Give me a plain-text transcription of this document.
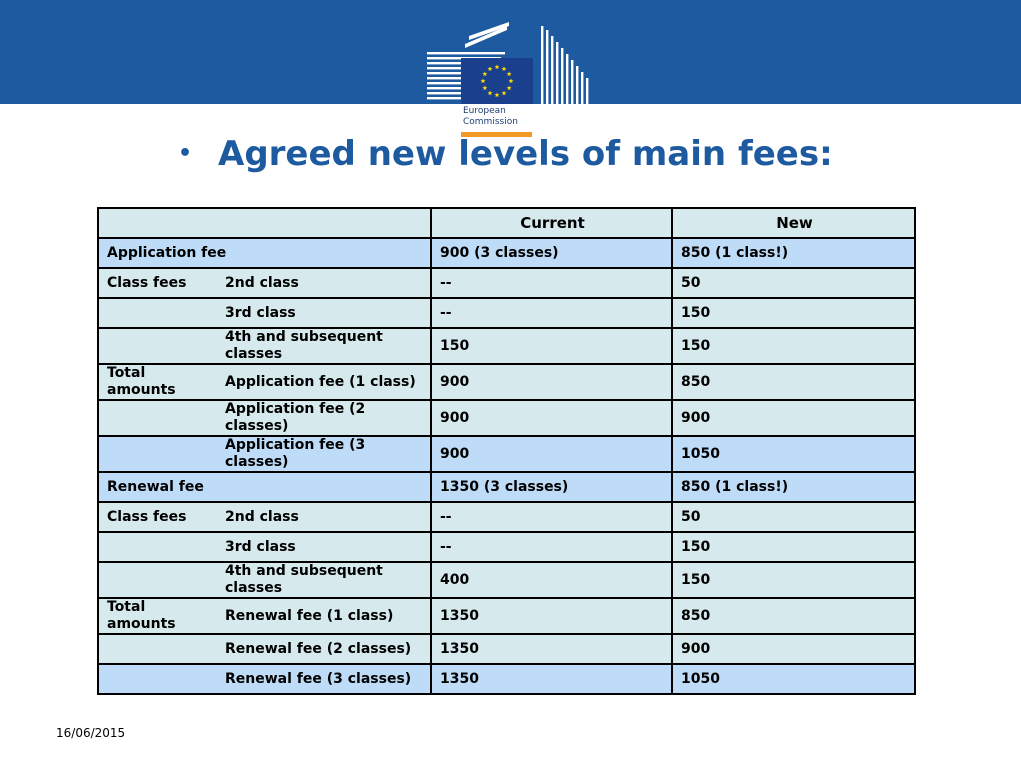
European
Commission
• Agreed new levels of main fees:
		Current	New
Application fee		900 (3 classes)	850 (1 class!)
Class fees	2nd class	--	50
	3rd class	--	150
	4th and subsequent classes	150	150
Total amounts	Application fee (1 class)	900	850
	Application fee (2 classes)	900	900
	Application fee (3 classes)	900	1050
Renewal fee		1350 (3 classes)	850 (1 class!)
Class fees	2nd class	--	50
	3rd class	--	150
	4th and subsequent classes	400	150
Total amounts	Renewal fee (1 class)	1350	850
	Renewal fee (2 classes)	1350	900
	Renewal fee (3 classes)	1350	1050
16/06/2015
